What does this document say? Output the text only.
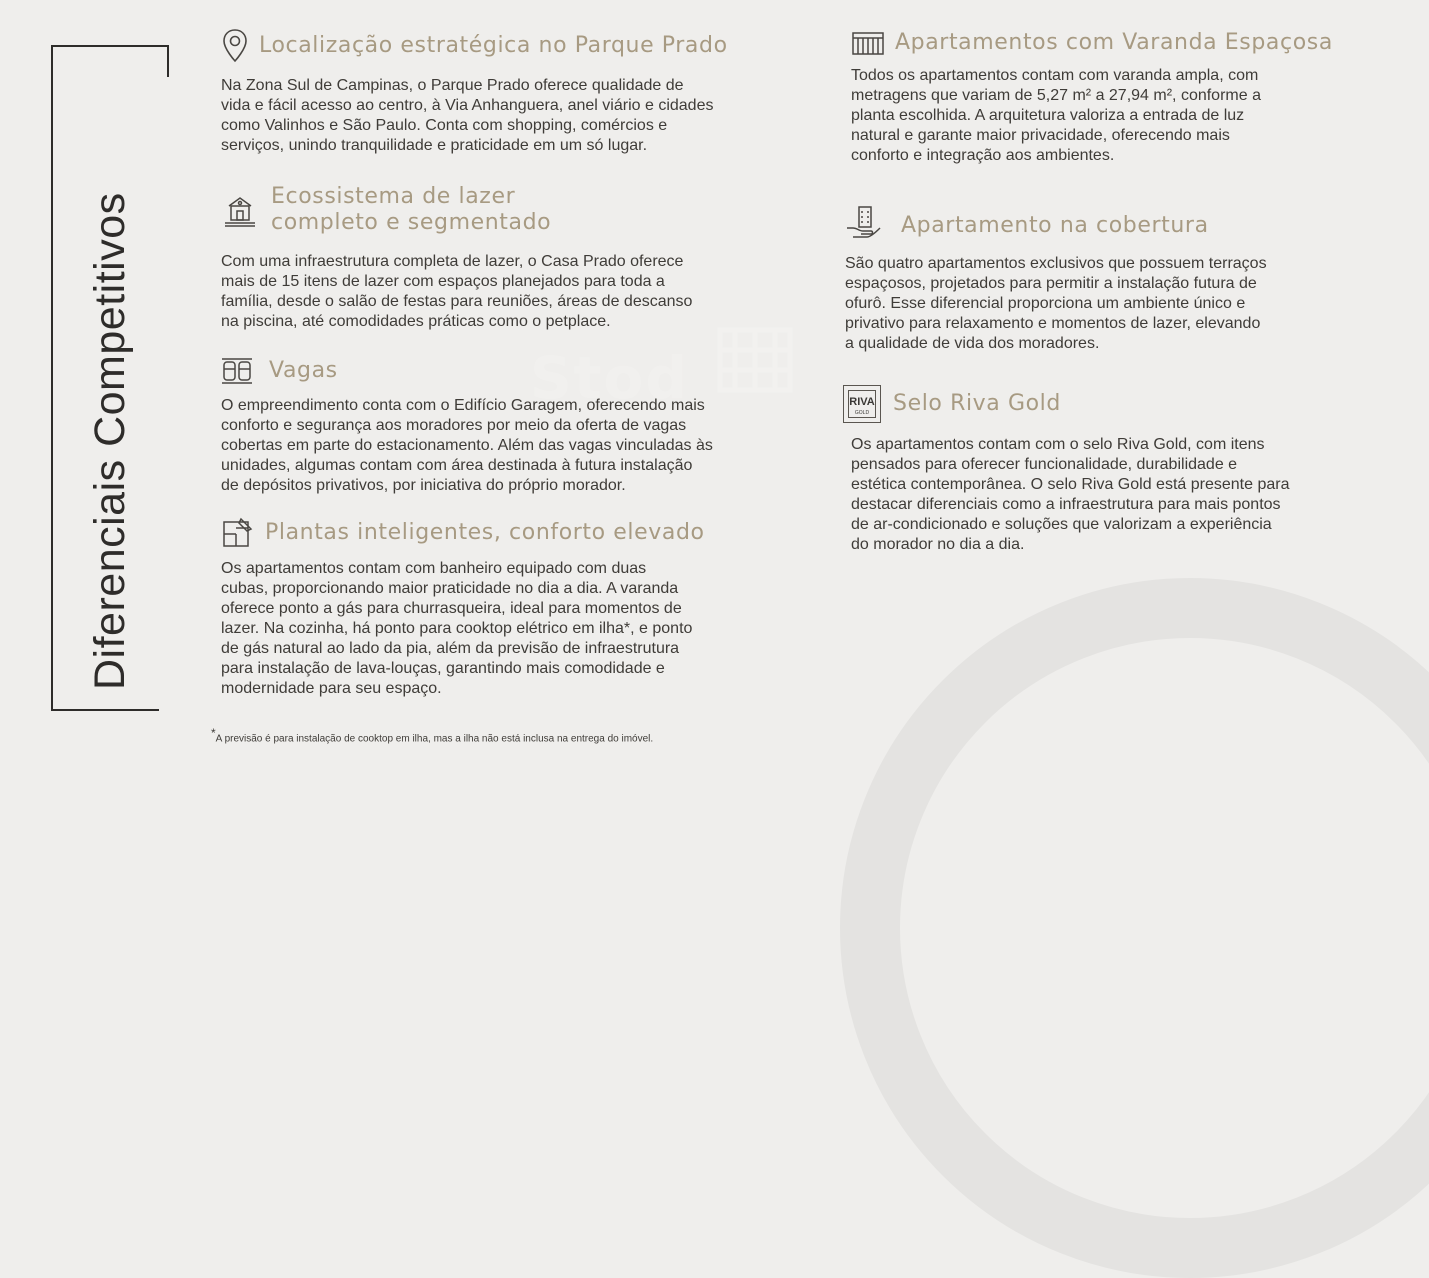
Stod
Diferenciais Competitivos
Localização estratégica no Parque Prado

Na Zona Sul de Campinas, o Parque Prado oferece qualidade de

vida e fácil acesso ao centro, à Via Anhanguera, anel viário e cidades

como Valinhos e São Paulo. Conta com shopping, comércios e

serviços, unindo tranquilidade e praticidade em um só lugar.

Ecossistema de lazer
completo e segmentado

Com uma infraestrutura completa de lazer, o Casa Prado oferece

mais de 15 itens de lazer com espaços planejados para toda a

família, desde o salão de festas para reuniões, áreas de descanso

na piscina, até comodidades práticas como o petplace.

Vagas

O empreendimento conta com o Edifício Garagem, oferecendo mais

conforto e segurança aos moradores por meio da oferta de vagas

cobertas em parte do estacionamento. Além das vagas vinculadas às

unidades, algumas contam com área destinada à futura instalação

de depósitos privativos, por iniciativa do próprio morador.

Plantas inteligentes, conforto elevado

Os apartamentos contam com banheiro equipado com duas

cubas, proporcionando maior praticidade no dia a dia. A varanda

oferece ponto a gás para churrasqueira, ideal para momentos de

lazer. Na cozinha, há ponto para cooktop elétrico em ilha*, e ponto

de gás natural ao lado da pia, além da previsão de infraestrutura

para instalação de lava-louças, garantindo mais comodidade e

modernidade para seu espaço.

Apartamentos com Varanda Espaçosa

Todos os apartamentos contam com varanda ampla, com

metragens que variam de 5,27 m² a 27,94 m², conforme a

planta escolhida. A arquitetura valoriza a entrada de luz

natural e garante maior privacidade, oferecendo mais

conforto e integração aos ambientes.

Apartamento na cobertura

São quatro apartamentos exclusivos que possuem terraços

espaçosos, projetados para permitir a instalação futura de

ofurô. Esse diferencial proporciona um ambiente único e

privativo para relaxamento e momentos de lazer, elevando

a qualidade de vida dos moradores.

RIVA
GOLD Selo Riva Gold

Os apartamentos contam com o selo Riva Gold, com itens

pensados para oferecer funcionalidade, durabilidade e

estética contemporânea. O selo Riva Gold está presente para

destacar diferenciais como a infraestrutura para mais pontos

de ar-condicionado e soluções que valorizam a experiência

do morador no dia a dia.

*A previsão é para instalação de cooktop em ilha, mas a ilha não está inclusa na entrega do imóvel.
